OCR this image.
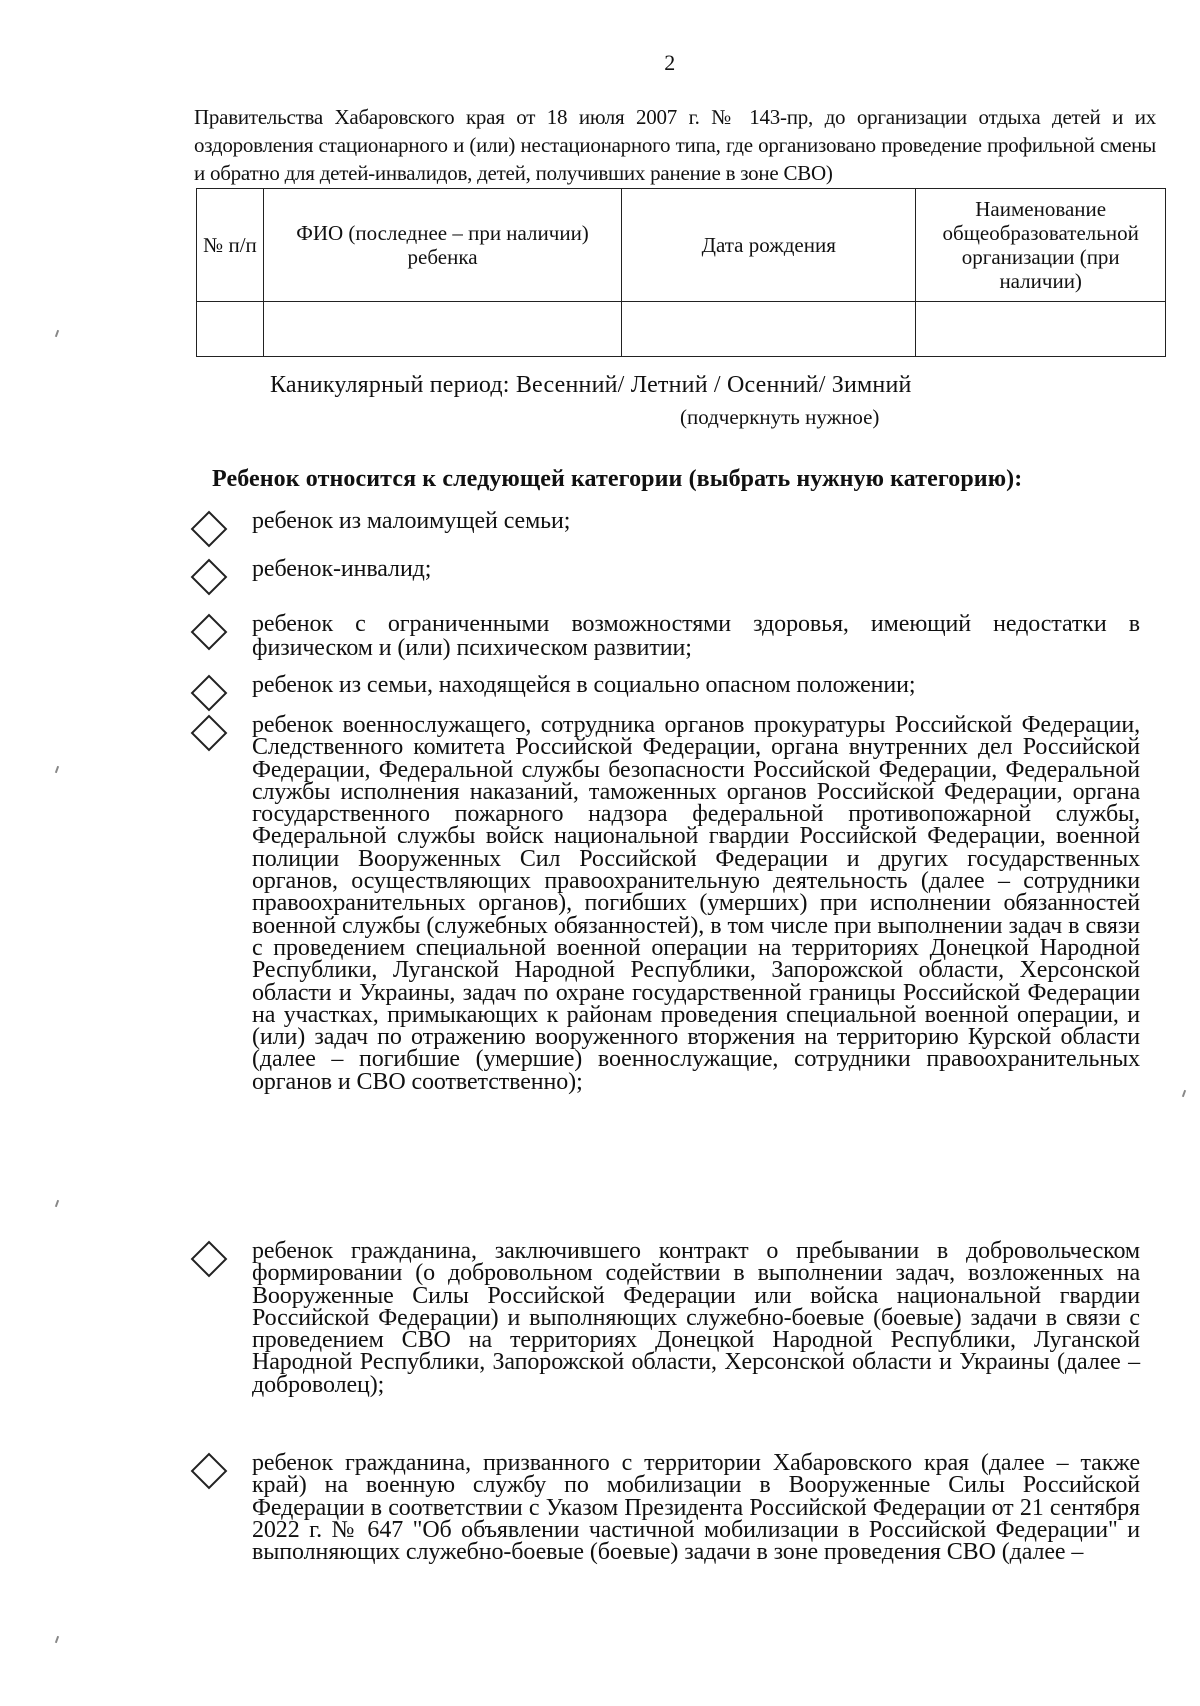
2
Правительства Хабаровского края от 18 июля 2007 г. № 143-пр, до организации отдыха детей и их оздоровления стационарного и (или) нестационарного типа, где организовано проведение профильной смены и обратно для детей-инвалидов, детей, получивших ранение в зоне СВО)
№ п/п	ФИО (последнее – при наличии) ребенка	Дата рождения	Наименование общеобразовательной организации (при наличии)

Каникулярный период: Весенний/ Летний / Осенний/ Зимний
(подчеркнуть нужное)
Ребенок относится к следующей категории (выбрать нужную категорию):
ребенок из малоимущей семьи;
ребенок-инвалид;
ребенок с ограниченными возможностями здоровья, имеющий недостатки в физическом и (или) психическом развитии;
ребенок из семьи, находящейся в социально опасном положении;
ребенок военнослужащего, сотрудника органов прокуратуры Российской Федерации, Следственного комитета Российской Федерации, органа внутренних дел Российской Федерации, Федеральной службы безопасности Российской Федерации, Федеральной службы исполнения наказаний, таможенных органов Российской Федерации, органа государственного пожарного надзора федеральной противопожарной службы, Федеральной службы войск национальной гвардии Российской Федерации, военной полиции Вооруженных Сил Российской Федерации и других государственных органов, осуществляющих правоохранительную деятельность (далее – сотрудники правоохранительных органов), погибших (умерших) при исполнении обязанностей военной службы (служебных обязанностей), в том числе при выполнении задач в связи с проведением специальной военной операции на территориях Донецкой Народной Республики, Луганской Народной Республики, Запорожской области, Херсонской области и Украины, задач по охране государственной границы Российской Федерации на участках, примыкающих к районам проведения специальной военной операции, и (или) задач по отражению вооруженного вторжения на территорию Курской области (далее – погибшие (умершие) военнослужащие, сотрудники правоохранительных органов и СВО соответственно);
ребенок гражданина, заключившего контракт о пребывании в добровольческом формировании (о добровольном содействии в выполнении задач, возложенных на Вооруженные Силы Российской Федерации или войска национальной гвардии Российской Федерации) и выполняющих служебно-боевые (боевые) задачи в связи с проведением СВО на территориях Донецкой Народной Республики, Луганской Народной Республики, Запорожской области, Херсонской области и Украины (далее – доброволец);
ребенок гражданина, призванного с территории Хабаровского края (далее – также край) на военную службу по мобилизации в Вооруженные Силы Российской Федерации в соответствии с Указом Президента Российской Федерации от 21 сентября 2022 г. № 647 "Об объявлении частичной мобилизации в Российской Федерации" и выполняющих служебно-боевые (боевые) задачи в зоне проведения СВО (далее –
